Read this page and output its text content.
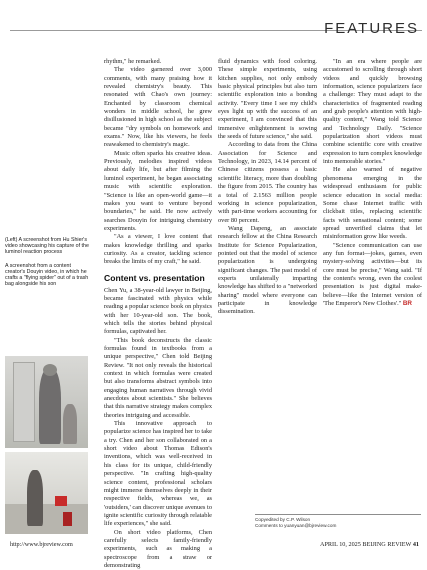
FEATURES
(Left) A screenshot from Hu Shier's video showcasing his capture of the luminol reaction process
A screenshot from a content creator's Douyin video, in which he crafts a "flying spider" out of a trash bag alongside his son

rhythm," he remarked.

The video garnered over 3,000 comments, with many praising how it revealed chemistry's beauty. This resonated with Chao's own journey: Enchanted by classroom chemical wonders in middle school, he grew disillusioned in high school as the subject became "dry symbols on homework and exams." Now, like his viewers, he feels reawakened to chemistry's magic.

Music often sparks his creative ideas. Previously, melodies inspired videos about daily life, but after filming the luminol experiment, he began associating music with scientific exploration. "Science is like an open-world game—it makes you want to venture beyond boundaries," he said. He now actively searches Douyin for intriguing chemistry experiments.

"As a viewer, I love content that makes knowledge thrilling and sparks curiosity. As a creator, tackling science breaks the limits of my craft," he said.

Content vs. presentation

Chen Yu, a 38-year-old lawyer in Beijing, became fascinated with physics while reading a popular science book on physics with her 10-year-old son. The book, which tells the stories behind physical formulas, captivated her.

"This book deconstructs the classic formulas found in textbooks from a unique perspective," Chen told Beijing Review. "It not only reveals the historical context in which formulas were created but also transforms abstract symbols into engaging human narratives through vivid anecdotes about scientists." She believes that this narrative strategy makes complex theories intriguing and accessible.

This innovative approach to popularize science has inspired her to take a try. Chen and her son collaborated on a short video about Thomas Edison's inventions, which was well-received in his class for its unique, child-friendly perspective. "In crafting high-quality science content, professional scholars might immerse themselves deeply in their respective fields, whereas we, as 'outsiders,' can discover unique avenues to ignite scientific curiosity through relatable life experiences," she said.

On short video platforms, Chen carefully selects family-friendly experiments, such as making a spectroscope from a straw or demonstrating

fluid dynamics with food coloring. These simple experiments, using kitchen supplies, not only embody basic physical principles but also turn scientific exploration into a bonding activity. "Every time I see my child's eyes light up with the success of an experiment, I am convinced that this immersive enlightenment is sowing the seeds of future science," she said.

According to data from the China Association for Science and Technology, in 2023, 14.14 percent of Chinese citizens possess a basic scientific literacy, more than doubling the figure from 2015. The country has a total of 2.1563 million people working in science popularization, with part-time workers accounting for over 80 percent.

Wang Dapeng, an associate research fellow at the China Research Institute for Science Popularization, pointed out that the model of science popularization is undergoing significant changes. The past model of experts unilaterally imparting knowledge has shifted to a "networked sharing" model where everyone can participate in knowledge dissemination.

"In an era where people are accustomed to scrolling through short videos and quickly browsing information, science popularizers face a challenge: They must adapt to the characteristics of fragmented reading and grab people's attention with high-quality content," Wang told Science and Technology Daily. "Science popularization short videos must combine scientific core with creative expression to turn complex knowledge into memorable stories."

He also warned of negative phenomena emerging in the widespread enthusiasm for public science education in social media: Some chase Internet traffic with clickbait titles, replacing scientific facts with sensational content; some spread unverified claims that let misinformation grow like weeds.

"Science communication can use any fun format—jokes, games, even mystery-solving activities—but its core must be precise," Wang said. "If the content's wrong, even the coolest presentation is just digital make-believe—like the Internet version of 'The Emperor's New Clothes'." BR

Copyedited by C.P. Wilson
Comments to yuanyuan@bjreview.com
http://www.bjreview.com	APRIL 10, 2025 BEIJING REVIEW 41
